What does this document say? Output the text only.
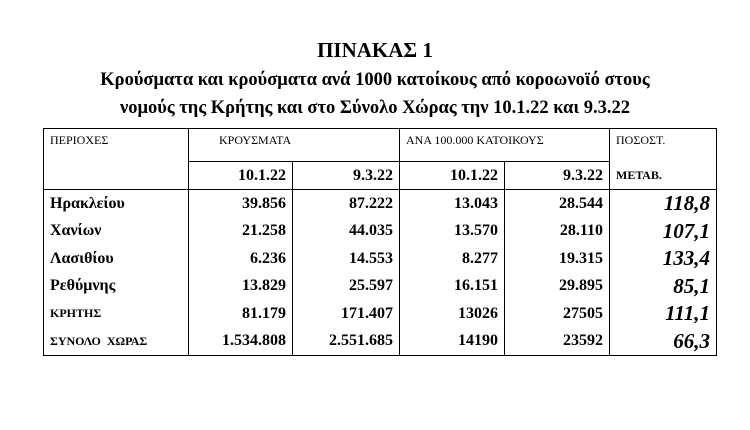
ΠΙΝΑΚΑΣ 1
Κρούσματα και κρούσματα ανά 1000 κατοίκους από κοροωνοϊό στους
νομούς της Κρήτης και στο Σύνολο Χώρας την 10.1.22 και 9.3.22
ΠΕΡΙΟΧΕΣ	ΚΡΟΥΣΜΑΤΑ		ΑΝΑ 100.000 ΚΑΤΟΙΚΟΥΣ		ΠΟΣΟΣΤ.
	10.1.22	9.3.22	10.1.22	9.3.22	ΜΕΤΑΒ.
Ηρακλείου	39.856	87.222	13.043	28.544	118,8
Χανίων	21.258	44.035	13.570	28.110	107,1
Λασιθίου	6.236	14.553	8.277	19.315	133,4
Ρεθύμνης	13.829	25.597	16.151	29.895	85,1
ΚΡΗΤΗΣ	81.179	171.407	13026	27505	111,1
ΣΥΝΟΛΟ  ΧΩΡΑΣ	1.534.808	2.551.685	14190	23592	66,3
